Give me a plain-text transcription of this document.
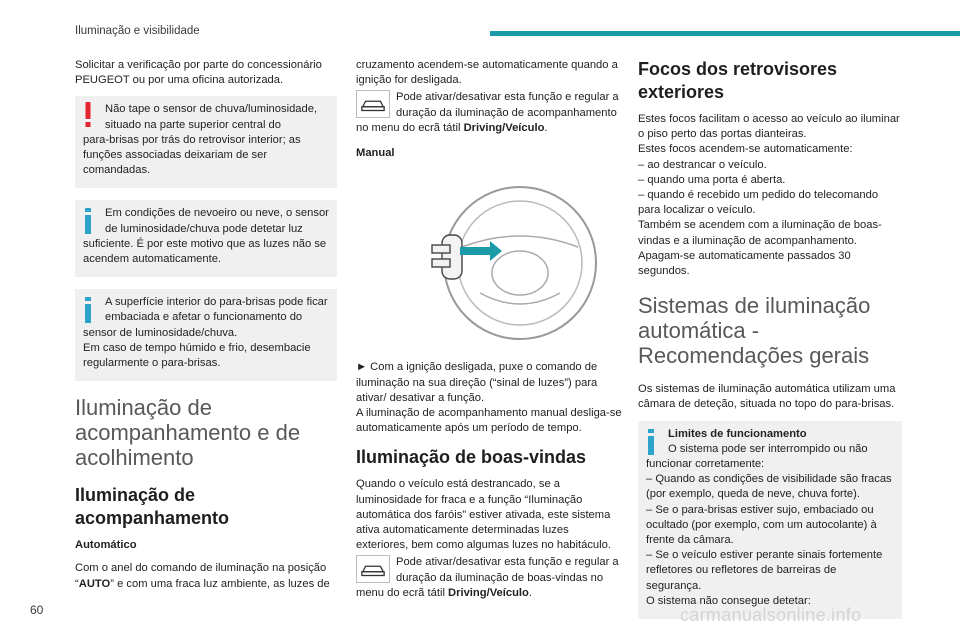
Iluminação e visibilidade

Solicitar a verificação por parte do concessionário PEUGEOT ou por uma oficina autorizada.

Não tape o sensor de chuva/luminosidade,
situado na parte superior central do
para-brisas por trás do retrovisor interior; as funções associadas deixariam de ser comandadas.
Em condições de nevoeiro ou neve, o sensor
de luminosidade/chuva pode detetar luz
suficiente. É por este motivo que as luzes não se acendem automaticamente.
A superfície interior do para-brisas pode ficar
embaciada e afetar o funcionamento do
sensor de luminosidade/chuva.
Em caso de tempo húmido e frio, desembacie regularmente o para-brisas.
Iluminação de acompanhamento e de acolhimento
Iluminação de acompanhamento
Automático

Com o anel do comando de iluminação na posição “AUTO” e com uma fraca luz ambiente, as luzes de

cruzamento acendem-se automaticamente quando a ignição for desligada.

Pode ativar/desativar esta função e regular a
duração da iluminação de acompanhamento
no menu do ecrã tátil Driving/Veículo.
Manual

► Com a ignição desligada, puxe o comando de iluminação na sua direção (“sinal de luzes”) para ativar/ desativar a função.

A iluminação de acompanhamento manual desliga-se automaticamente após um período de tempo.

Iluminação de boas-vindas

Quando o veículo está destrancado, se a luminosidade for fraca e a função “Iluminação automática dos faróis” estiver ativada, este sistema ativa automaticamente determinadas luzes exteriores, bem como algumas luzes no habitáculo.

Pode ativar/desativar esta função e regular a
duração da iluminação de boas-vindas no
menu do ecrã tátil Driving/Veículo.
Focos dos retrovisores exteriores

Estes focos facilitam o acesso ao veículo ao iluminar o piso perto das portas dianteiras.

Estes focos acendem-se automaticamente:

– ao destrancar o veículo.
– quando uma porta é aberta.
– quando é recebido um pedido do telecomando para localizar o veículo.

Também se acendem com a iluminação de boas-vindas e a iluminação de acompanhamento.

Apagam-se automaticamente passados 30 segundos.

Sistemas de iluminação automática - Recomendações gerais

Os sistemas de iluminação automática utilizam uma câmara de deteção, situada no topo do para-brisas.

Limites de funcionamento
O sistema pode ser interrompido ou não
funcionar corretamente:
– Quando as condições de visibilidade são fracas (por exemplo, queda de neve, chuva forte).
– Se o para-brisas estiver sujo, embaciado ou ocultado (por exemplo, com um autocolante) à frente da câmara.
– Se o veículo estiver perante sinais fortemente refletores ou refletores de barreiras de segurança.
O sistema não consegue detetar:
60	carmanualsonline.info
